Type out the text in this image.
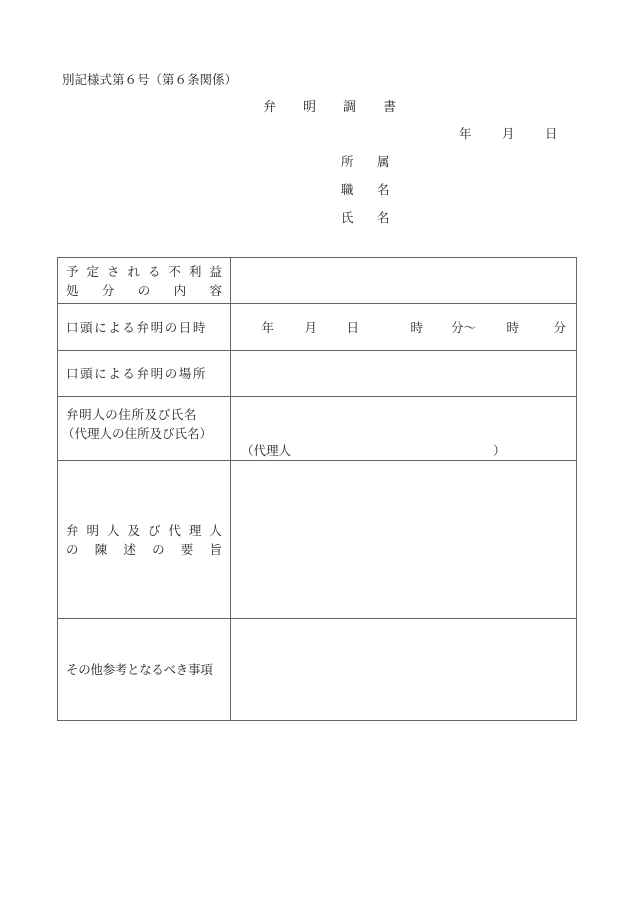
別記様式第６号（第６条関係）
弁 明 調 書
年 月 日
所 属
職 名
氏 名
予 定 さ れ る 不 利 益
処 分 の 内 容

口頭による弁明の日時	年	月	日	時	分～	時	分

口頭による弁明の場所	

弁明人の住所及び氏名
（代理人の住所及び氏名）

（代理人	）

弁 明 人 及 び 代 理 人
の 陳 述 の 要 旨

その他参考となるべき事項	
